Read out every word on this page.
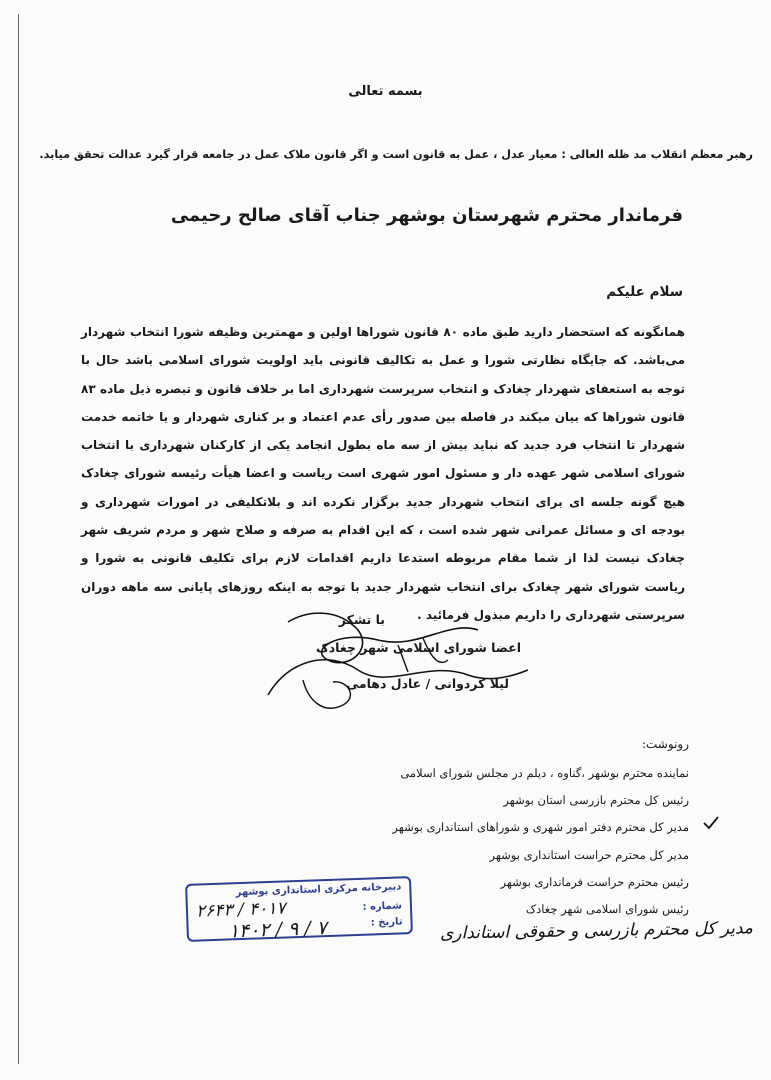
بسمه تعالی
رهبر معظم انقلاب مد ظله العالی : معیار عدل ، عمل به قانون است و اگر قانون ملاک عمل در جامعه قرار گیرد عدالت تحقق میابد.
فرماندار محترم شهرستان بوشهر جناب آقای صالح رحیمی
سلام علیکم

همانگونه که استحضار دارید طبق ماده ۸۰ قانون شوراها اولین و مهمترین وظیفه شورا انتخاب شهردار می‌باشد. که جایگاه نظارتی شورا و عمل به تکالیف قانونی باید اولویت شورای اسلامی باشد حال با توجه به استعفای شهردار چغادک و انتخاب سرپرست شهرداری اما بر خلاف قانون و تبصره ذیل ماده ۸۳ قانون شوراها که بیان میکند در فاصله بین صدور رأی عدم اعتماد و بر کناری شهردار و یا خاتمه خدمت شهردار تا انتخاب فرد جدید که نباید بیش از سه ماه بطول انجامد یکی از کارکنان شهرداری با انتخاب شورای اسلامی شهر عهده دار و مسئول امور شهری است ریاست و اعضا هیأت رئیسه شورای چغادک هیچ گونه جلسه ای برای انتخاب شهردار جدید برگزار نکرده اند و بلاتکلیفی در امورات شهرداری و بودجه ای و مسائل عمرانی شهر شده است ، که این اقدام به صرفه و صلاح شهر و مردم شریف شهر چغادک نیست لذا از شما مقام مربوطه استدعا داریم اقدامات لازم برای تکلیف قانونی به شورا و ریاست شورای شهر چغادک برای انتخاب شهردار جدید با توجه به اینکه روزهای پایانی سه ماهه دوران سرپرستی شهرداری را داریم مبذول فرمائید .

با تشکر
اعضا شورای اسلامی شهر چغادک
لیلا کردوانی / عادل دهامی
رونوشت:
نماینده محترم بوشهر ،گناوه ، دیلم در مجلس شورای اسلامی
رئیس کل محترم بازرسی استان بوشهر
مدیر کل محترم دفتر امور شهری و شوراهای استانداری بوشهر
مدیر کل محترم حراست استانداری بوشهر
رئیس محترم حراست فرمانداری بوشهر
رئیس شورای اسلامی شهر چغادک
مدیر کل محترم بازرسی و حقوقی استانداری
دبیرخانه مرکزی استانداری بوشهر
شماره :
تاریخ :
۲۶۴۳ / ۴۰۱۷
۱۴۰۲ / ۹ / ۷
